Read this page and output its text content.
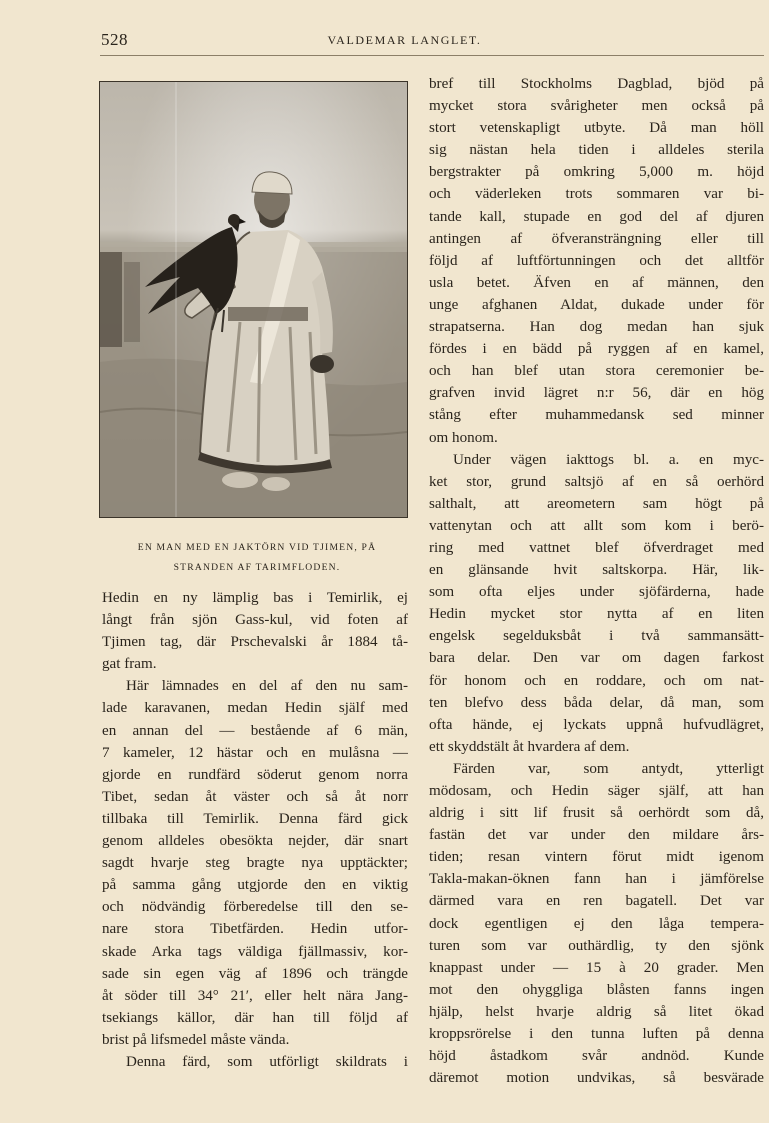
528	VALDEMAR LANGLET.
EN MAN MED EN JAKTÖRN VID TJIMEN, PÅ
STRANDEN AF TARIMFLODEN.
Hedin en ny lämplig bas i Temirlik, ej
långt från sjön Gass-kul, vid foten af
Tjimen tag, där Prschevalski år 1884 tå-
gat fram.
Här lämnades en del af den nu sam-
lade karavanen, medan Hedin själf med
en annan del — bestående af 6 män,
7 kameler, 12 hästar och en mulåsna —
gjorde en rundfärd söderut genom norra
Tibet, sedan åt väster och så åt norr
tillbaka till Temirlik. Denna färd gick
genom alldeles obesökta nejder, där snart
sagdt hvarje steg bragte nya upptäckter;
på samma gång utgjorde den en viktig
och nödvändig förberedelse till den se-
nare stora Tibetfärden. Hedin utfor-
skade Arka tags väldiga fjällmassiv, kor-
sade sin egen väg af 1896 och trängde
åt söder till 34° 21′, eller helt nära Jang-
tsekiangs källor, där han till följd af
brist på lifsmedel måste vända.
Denna färd, som utförligt skildrats i
bref till Stockholms Dagblad, bjöd på
mycket stora svårigheter men också på
stort vetenskapligt utbyte. Då man höll
sig nästan hela tiden i alldeles sterila
bergstrakter på omkring 5,000 m. höjd
och väderleken trots sommaren var bi-
tande kall, stupade en god del af djuren
antingen af öfveransträngning eller till
följd af luftförtunningen och det alltför
usla betet. Äfven en af männen, den
unge afghanen Aldat, dukade under för
strapatserna. Han dog medan han sjuk
fördes i en bädd på ryggen af en kamel,
och han blef utan stora ceremonier be-
grafven invid lägret n:r 56, där en hög
stång efter muhammedansk sed minner
om honom.
Under vägen iakttogs bl. a. en myc-
ket stor, grund saltsjö af en så oerhörd
salthalt, att areometern sam högt på
vattenytan och att allt som kom i berö-
ring med vattnet blef öfverdraget med
en glänsande hvit saltskorpa. Här, lik-
som ofta eljes under sjöfärderna, hade
Hedin mycket stor nytta af en liten
engelsk segelduksbåt i två sammansätt-
bara delar. Den var om dagen farkost
för honom och en roddare, och om nat-
ten blefvo dess båda delar, då man, som
ofta hände, ej lyckats uppnå hufvudlägret,
ett skyddstält åt hvardera af dem.
Färden var, som antydt, ytterligt
mödosam, och Hedin säger själf, att han
aldrig i sitt lif frusit så oerhördt som då,
fastän det var under den mildare års-
tiden; resan vintern förut midt igenom
Takla-makan-öknen fann han i jämförelse
därmed vara en ren bagatell. Det var
dock egentligen ej den låga tempera-
turen som var outhärdlig, ty den sjönk
knappast under — 15 à 20 grader. Men
mot den ohyggliga blåsten fanns ingen
hjälp, helst hvarje aldrig så litet ökad
kroppsrörelse i den tunna luften på denna
höjd åstadkom svår andnöd. Kunde
däremot motion undvikas, så besvärade
